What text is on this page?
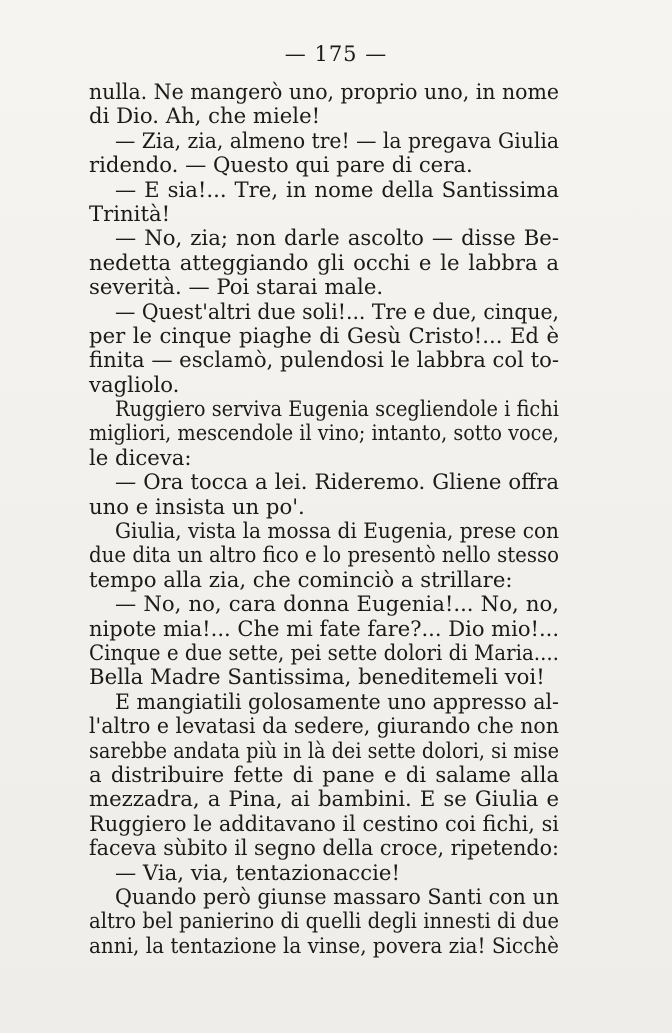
— 175 —
nulla. Ne mangerò uno, proprio uno, in nome
di Dio. Ah, che miele!
— Zia, zia, almeno tre! — la pregava Giulia
ridendo. — Questo qui pare di cera.
— E sia!... Tre, in nome della Santissima
Trinità!
— No, zia; non darle ascolto — disse Be-
nedetta atteggiando gli occhi e le labbra a
severità. — Poi starai male.
— Quest'altri due soli!... Tre e due, cinque,
per le cinque piaghe di Gesù Cristo!... Ed è
finita — esclamò, pulendosi le labbra col to-
vagliolo.
Ruggiero serviva Eugenia scegliendole i fichi
migliori, mescendole il vino; intanto, sotto voce,
le diceva:
— Ora tocca a lei. Rideremo. Gliene offra
uno e insista un po'.
Giulia, vista la mossa di Eugenia, prese con
due dita un altro fico e lo presentò nello stesso
tempo alla zia, che cominciò a strillare:
— No, no, cara donna Eugenia!... No, no,
nipote mia!... Che mi fate fare?... Dio mio!...
Cinque e due sette, pei sette dolori di Maria....
Bella Madre Santissima, beneditemeli voi!
E mangiatili golosamente uno appresso al-
l'altro e levatasi da sedere, giurando che non
sarebbe andata più in là dei sette dolori, si mise
a distribuire fette di pane e di salame alla
mezzadra, a Pina, ai bambini. E se Giulia e
Ruggiero le additavano il cestino coi fichi, si
faceva sùbito il segno della croce, ripetendo:
— Via, via, tentazionaccie!
Quando però giunse massaro Santi con un
altro bel panierino di quelli degli innesti di due
anni, la tentazione la vinse, povera zia! Sicchè
